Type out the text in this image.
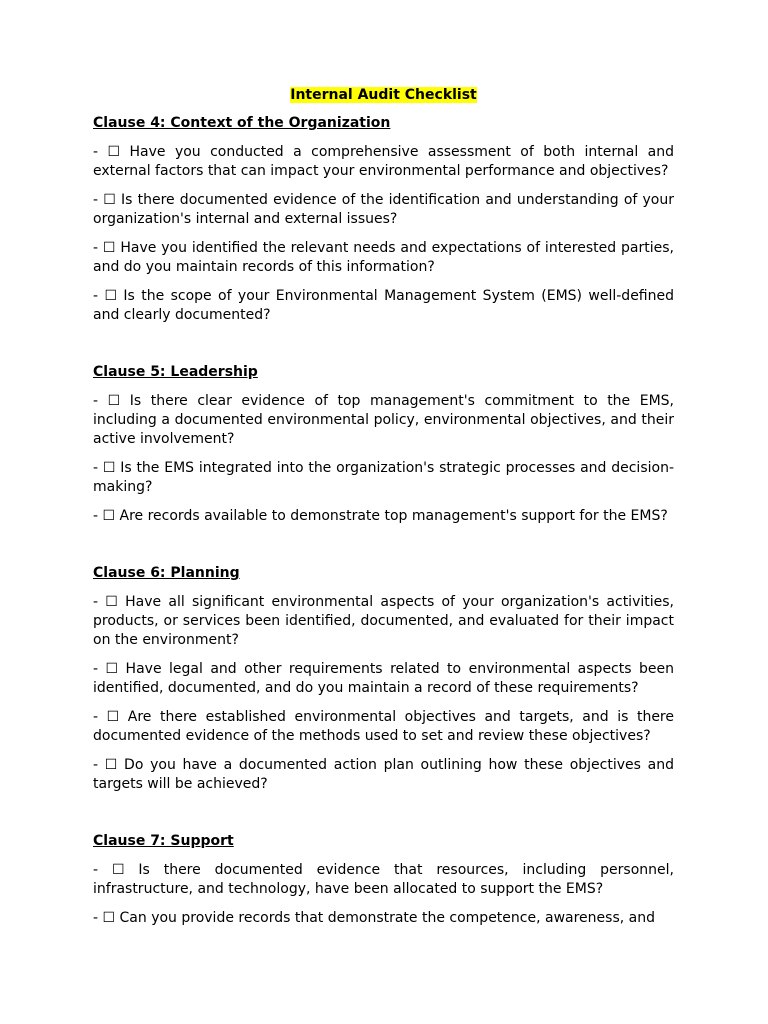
Internal Audit Checklist

Clause 4: Context of the Organization

- ☐ Have you conducted a comprehensive assessment of both internal and external factors that can impact your environmental performance and objectives?

- ☐ Is there documented evidence of the identification and understanding of your organization's internal and external issues?

- ☐ Have you identified the relevant needs and expectations of interested parties, and do you maintain records of this information?

- ☐ Is the scope of your Environmental Management System (EMS) well-defined and clearly documented?

Clause 5: Leadership

- ☐ Is there clear evidence of top management's commitment to the EMS, including a documented environmental policy, environmental objectives, and their active involvement?

- ☐ Is the EMS integrated into the organization's strategic processes and decision-making?

- ☐ Are records available to demonstrate top management's support for the EMS?

Clause 6: Planning

- ☐ Have all significant environmental aspects of your organization's activities, products, or services been identified, documented, and evaluated for their impact on the environment?

- ☐ Have legal and other requirements related to environmental aspects been identified, documented, and do you maintain a record of these requirements?

- ☐ Are there established environmental objectives and targets, and is there documented evidence of the methods used to set and review these objectives?

- ☐ Do you have a documented action plan outlining how these objectives and targets will be achieved?

Clause 7: Support

- ☐ Is there documented evidence that resources, including personnel, infrastructure, and technology, have been allocated to support the EMS?

- ☐ Can you provide records that demonstrate the competence, awareness, and
